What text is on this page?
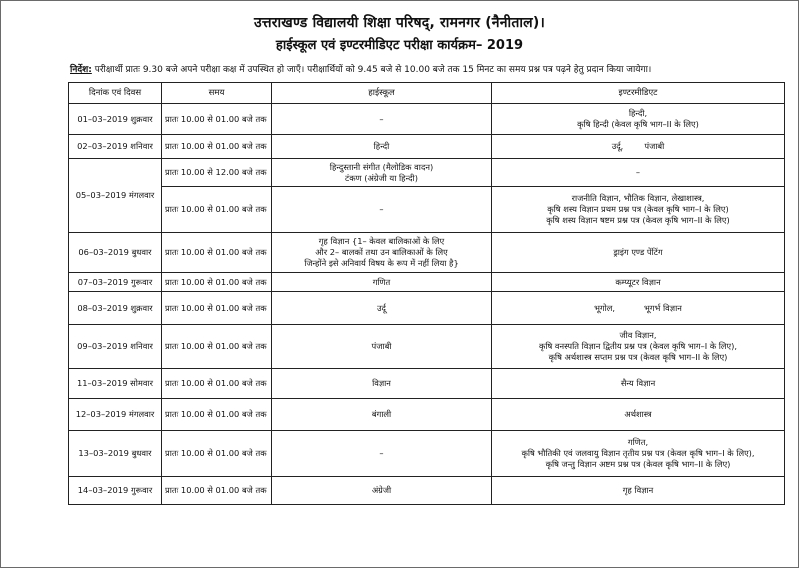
उत्तराखण्ड विद्यालयी शिक्षा परिषद्, रामनगर (नैनीताल)।
हाईस्कूल एवं इण्टरमीडिएट परीक्षा कार्यक्रम– 2019
निर्देश: परीक्षार्थी प्रातः 9.30 बजे अपने परीक्षा कक्ष में उपस्थित हो जाएँ। परीक्षार्थियों को 9.45 बजे से 10.00 बजे तक 15 मिनट का समय प्रश्न पत्र पढ़ने हेतु प्रदान किया जायेगा।
दिनांक एवं दिवस	समय	हाईस्कूल	इण्टरमीडिएट
01–03–2019 शुक्रवार	प्रातः 10.00 से 01.00 बजे तक	–	हिन्दी,
कृषि हिन्दी (केवल कृषि भाग–II के लिए)

02–03–2019 शनिवार	प्रातः 10.00 से 01.00 बजे तक	हिन्दी	उर्दू,        पंजाबी

05–03–2019 मंगलवार	प्रातः 10.00 से 12.00 बजे तक	हिन्दुस्तानी संगीत (मैलोडिक वादन)
टंकण (अंग्रेजी या हिन्दी)	–

	प्रातः 10.00 से 01.00 बजे तक	–	राजनीति विज्ञान, भौतिक विज्ञान, लेखाशास्त्र,
कृषि शस्य विज्ञान प्रथम प्रश्न पत्र (केवल कृषि भाग–I के लिए)
कृषि शस्य विज्ञान षष्टम प्रश्न पत्र (केवल कृषि भाग–II के लिए)

06–03–2019 बुधवार	प्रातः 10.00 से 01.00 बजे तक	गृह विज्ञान {1– केवल बालिकाओं के लिए
और 2– बालकों तथा उन बालिकाओं के लिए
जिन्होंने इसे अनिवार्य विषय के रूप में नहीं लिया है}	ड्राइंग एण्ड पेंटिंग

07–03–2019 गुरूवार	प्रातः 10.00 से 01.00 बजे तक	गणित	कम्प्यूटर विज्ञान

08–03–2019 शुक्रवार	प्रातः 10.00 से 01.00 बजे तक	उर्दू	भूगोल,           भूगर्भ विज्ञान

09–03–2019 शनिवार	प्रातः 10.00 से 01.00 बजे तक	पंजाबी	जीव विज्ञान,
कृषि वनस्पति विज्ञान द्वितीय प्रश्न पत्र (केवल कृषि भाग–I के लिए),
कृषि अर्थशास्त्र सप्तम प्रश्न पत्र (केवल कृषि भाग–II के लिए)

11–03–2019 सोमवार	प्रातः 10.00 से 01.00 बजे तक	विज्ञान	सैन्य विज्ञान

12–03–2019 मंगलवार	प्रातः 10.00 से 01.00 बजे तक	बंगाली	अर्थशास्त्र

13–03–2019 बुधवार	प्रातः 10.00 से 01.00 बजे तक	–	गणित,
कृषि भौतिकी एवं जलवायु विज्ञान तृतीय प्रश्न पत्र (केवल कृषि भाग–I के लिए),
कृषि जन्तु विज्ञान अष्टम प्रश्न पत्र (केवल कृषि भाग–II के लिए)

14–03–2019 गुरूवार	प्रातः 10.00 से 01.00 बजे तक	अंग्रेजी	गृह विज्ञान
